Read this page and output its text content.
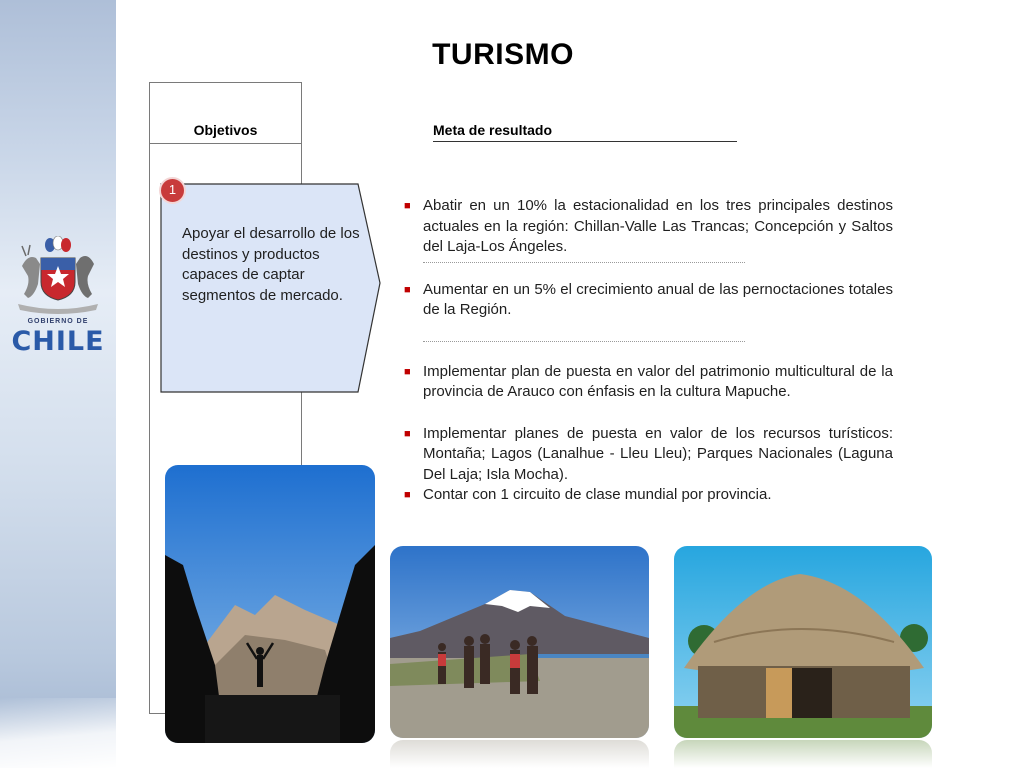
GOBIERNO DE
CHILE
TURISMO
Objetivos	Meta de resultado
Apoyar el desarrollo de los destinos y productos capaces de captar segmentos de mercado.
1
■ Abatir en un 10% la estacionalidad en los tres principales destinos actuales en la región: Chillan-Valle Las Trancas; Concepción y Saltos del Laja-Los Ángeles.
■ Aumentar en un 5% el crecimiento anual de las pernoctaciones totales de la Región.
■ Implementar plan de puesta en valor del patrimonio multicultural de la provincia de Arauco con énfasis en la cultura Mapuche.
■ Implementar planes de puesta en valor de los recursos turísticos: Montaña; Lagos (Lanalhue - Lleu Lleu); Parques Nacionales (Laguna Del Laja; Isla Mocha).
■ Contar con 1 circuito de clase mundial por provincia.
